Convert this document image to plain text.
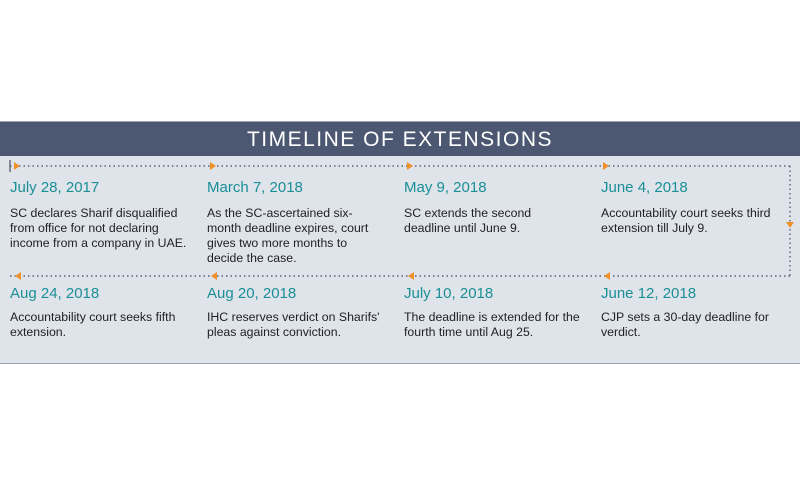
TIMELINE OF EXTENSIONS
July 28, 2017
SC declares Sharif disqualified from office for not declaring income from a company in UAE.
March 7, 2018
As the SC-ascertained six-month deadline expires, court gives two more months to decide the case.
May 9, 2018
SC extends the second deadline until June 9.
June 4, 2018
Accountability court seeks third extension till July 9.
June 12, 2018
CJP sets a 30-day deadline for verdict.
July 10, 2018
The deadline is extended for the fourth time until Aug 25.
Aug 20, 2018
IHC reserves verdict on Sharifs' pleas against conviction.
Aug 24, 2018
Accountability court seeks fifth extension.
